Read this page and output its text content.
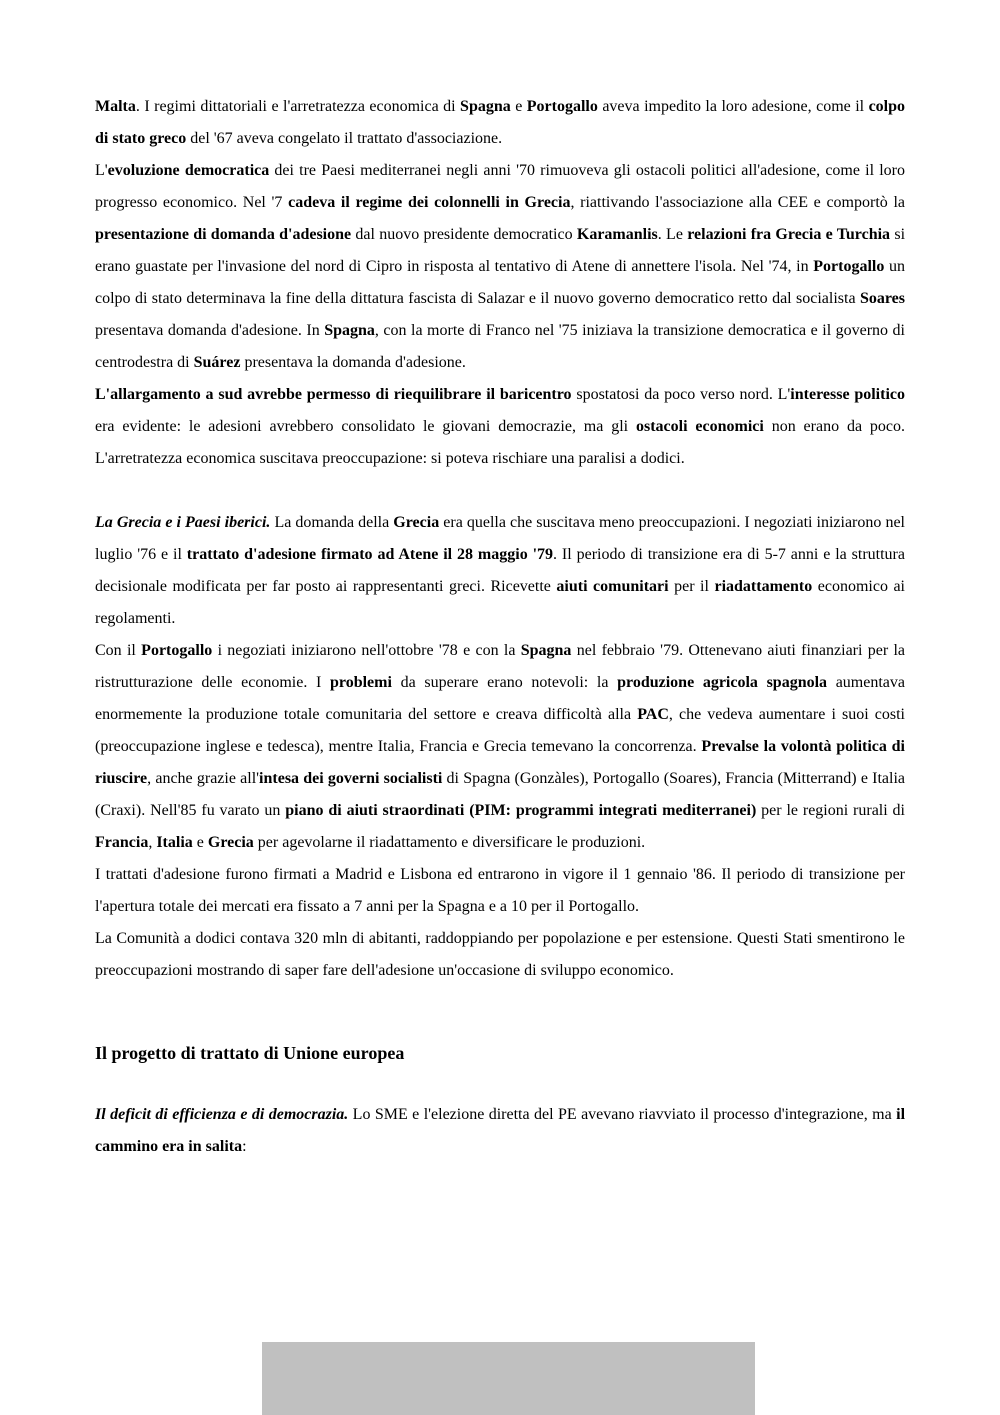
Malta. I regimi dittatoriali e l'arretratezza economica di Spagna e Portogallo aveva impedito la loro adesione, come il colpo di stato greco del '67 aveva congelato il trattato d'associazione.

L'evoluzione democratica dei tre Paesi mediterranei negli anni '70 rimuoveva gli ostacoli politici all'adesione, come il loro progresso economico. Nel '7 cadeva il regime dei colonnelli in Grecia, riattivando l'associazione alla CEE e comportò la presentazione di domanda d'adesione dal nuovo presidente democratico Karamanlis. Le relazioni fra Grecia e Turchia si erano guastate per l'invasione del nord di Cipro in risposta al tentativo di Atene di annettere l'isola. Nel '74, in Portogallo un colpo di stato determinava la fine della dittatura fascista di Salazar e il nuovo governo democratico retto dal socialista Soares presentava domanda d'adesione. In Spagna, con la morte di Franco nel '75 iniziava la transizione democratica e il governo di centrodestra di Suárez presentava la domanda d'adesione.

L'allargamento a sud avrebbe permesso di riequilibrare il baricentro spostatosi da poco verso nord. L'interesse politico era evidente: le adesioni avrebbero consolidato le giovani democrazie, ma gli ostacoli economici non erano da poco. L'arretratezza economica suscitava preoccupazione: si poteva rischiare una paralisi a dodici.

La Grecia e i Paesi iberici. La domanda della Grecia era quella che suscitava meno preoccupazioni. I negoziati iniziarono nel luglio '76 e il trattato d'adesione firmato ad Atene il 28 maggio '79. Il periodo di transizione era di 5-7 anni e la struttura decisionale modificata per far posto ai rappresentanti greci. Ricevette aiuti comunitari per il riadattamento economico ai regolamenti.

Con il Portogallo i negoziati iniziarono nell'ottobre '78 e con la Spagna nel febbraio '79. Ottenevano aiuti finanziari per la ristrutturazione delle economie. I problemi da superare erano notevoli: la produzione agricola spagnola aumentava enormemente la produzione totale comunitaria del settore e creava difficoltà alla PAC, che vedeva aumentare i suoi costi (preoccupazione inglese e tedesca), mentre Italia, Francia e Grecia temevano la concorrenza. Prevalse la volontà politica di riuscire, anche grazie all'intesa dei governi socialisti di Spagna (Gonzàles), Portogallo (Soares), Francia (Mitterrand) e Italia (Craxi). Nell'85 fu varato un piano di aiuti straordinati (PIM: programmi integrati mediterranei) per le regioni rurali di Francia, Italia e Grecia per agevolarne il riadattamento e diversificare le produzioni.

I trattati d'adesione furono firmati a Madrid e Lisbona ed entrarono in vigore il 1 gennaio '86. Il periodo di transizione per l'apertura totale dei mercati era fissato a 7 anni per la Spagna e a 10 per il Portogallo.

La Comunità a dodici contava 320 mln di abitanti, raddoppiando per popolazione e per estensione. Questi Stati smentirono le preoccupazioni mostrando di saper fare dell'adesione un'occasione di sviluppo economico.

Il progetto di trattato di Unione europea

Il deficit di efficienza e di democrazia. Lo SME e l'elezione diretta del PE avevano riavviato il processo d'integrazione, ma il cammino era in salita:
